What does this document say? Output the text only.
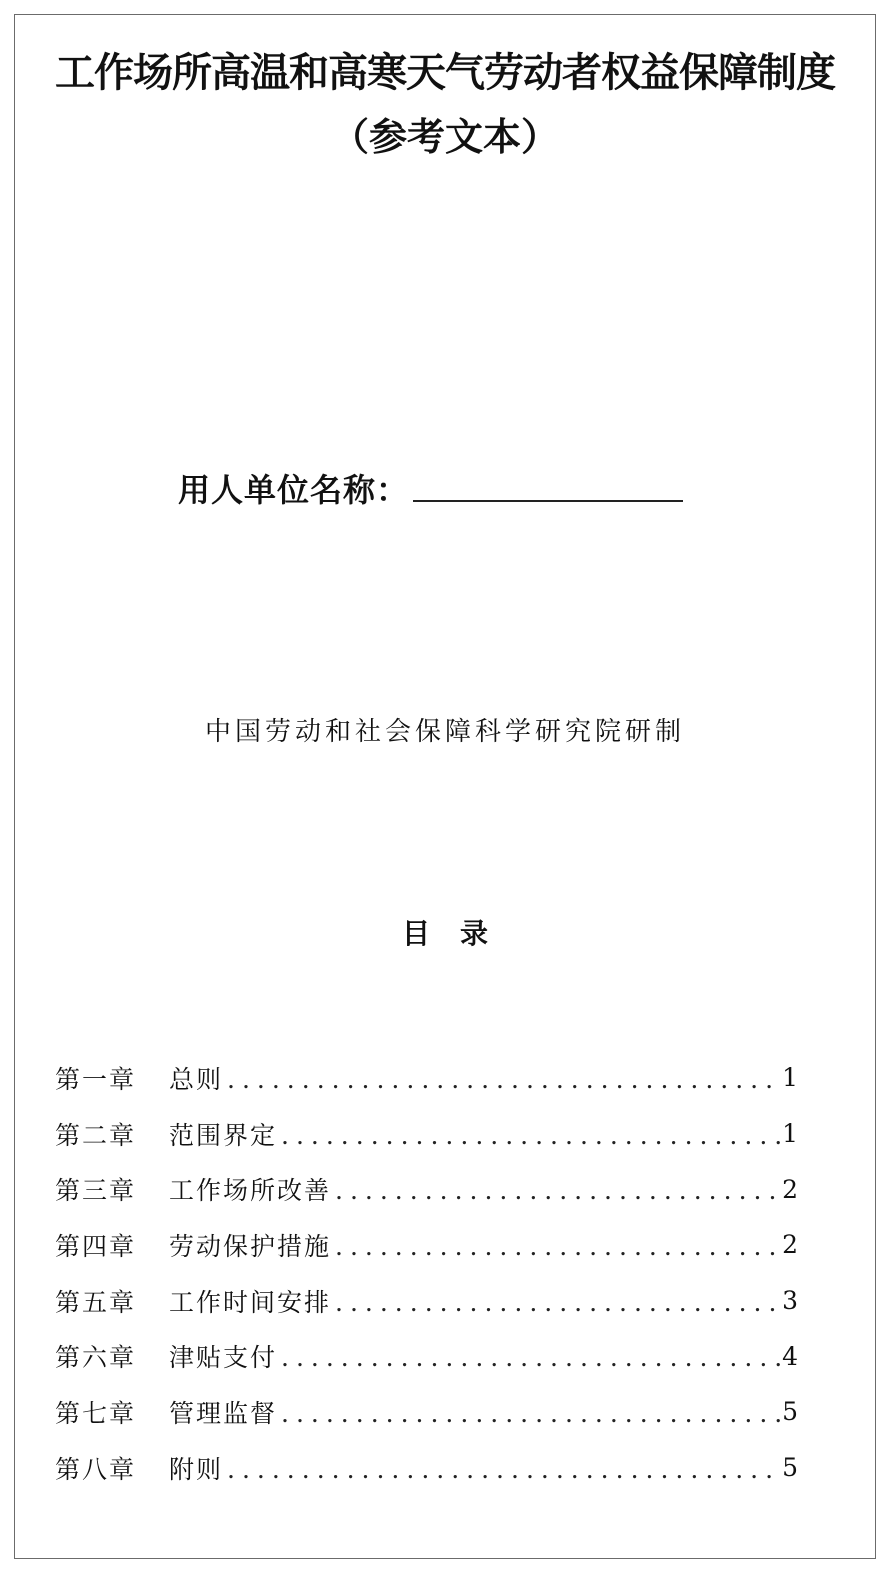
工作场所高温和高寒天气劳动者权益保障制度
（参考文本）
用人单位名称：
中国劳动和社会保障科学研究院研制
目 录
第一章	总则 .....	1
第二章	范围界定 .....	1
第三章	工作场所改善 .....	2
第四章	劳动保护措施 .....	2
第五章	工作时间安排 .....	3
第六章	津贴支付 .....	4
第七章	管理监督 .....	5
第八章	附则 .....	5
